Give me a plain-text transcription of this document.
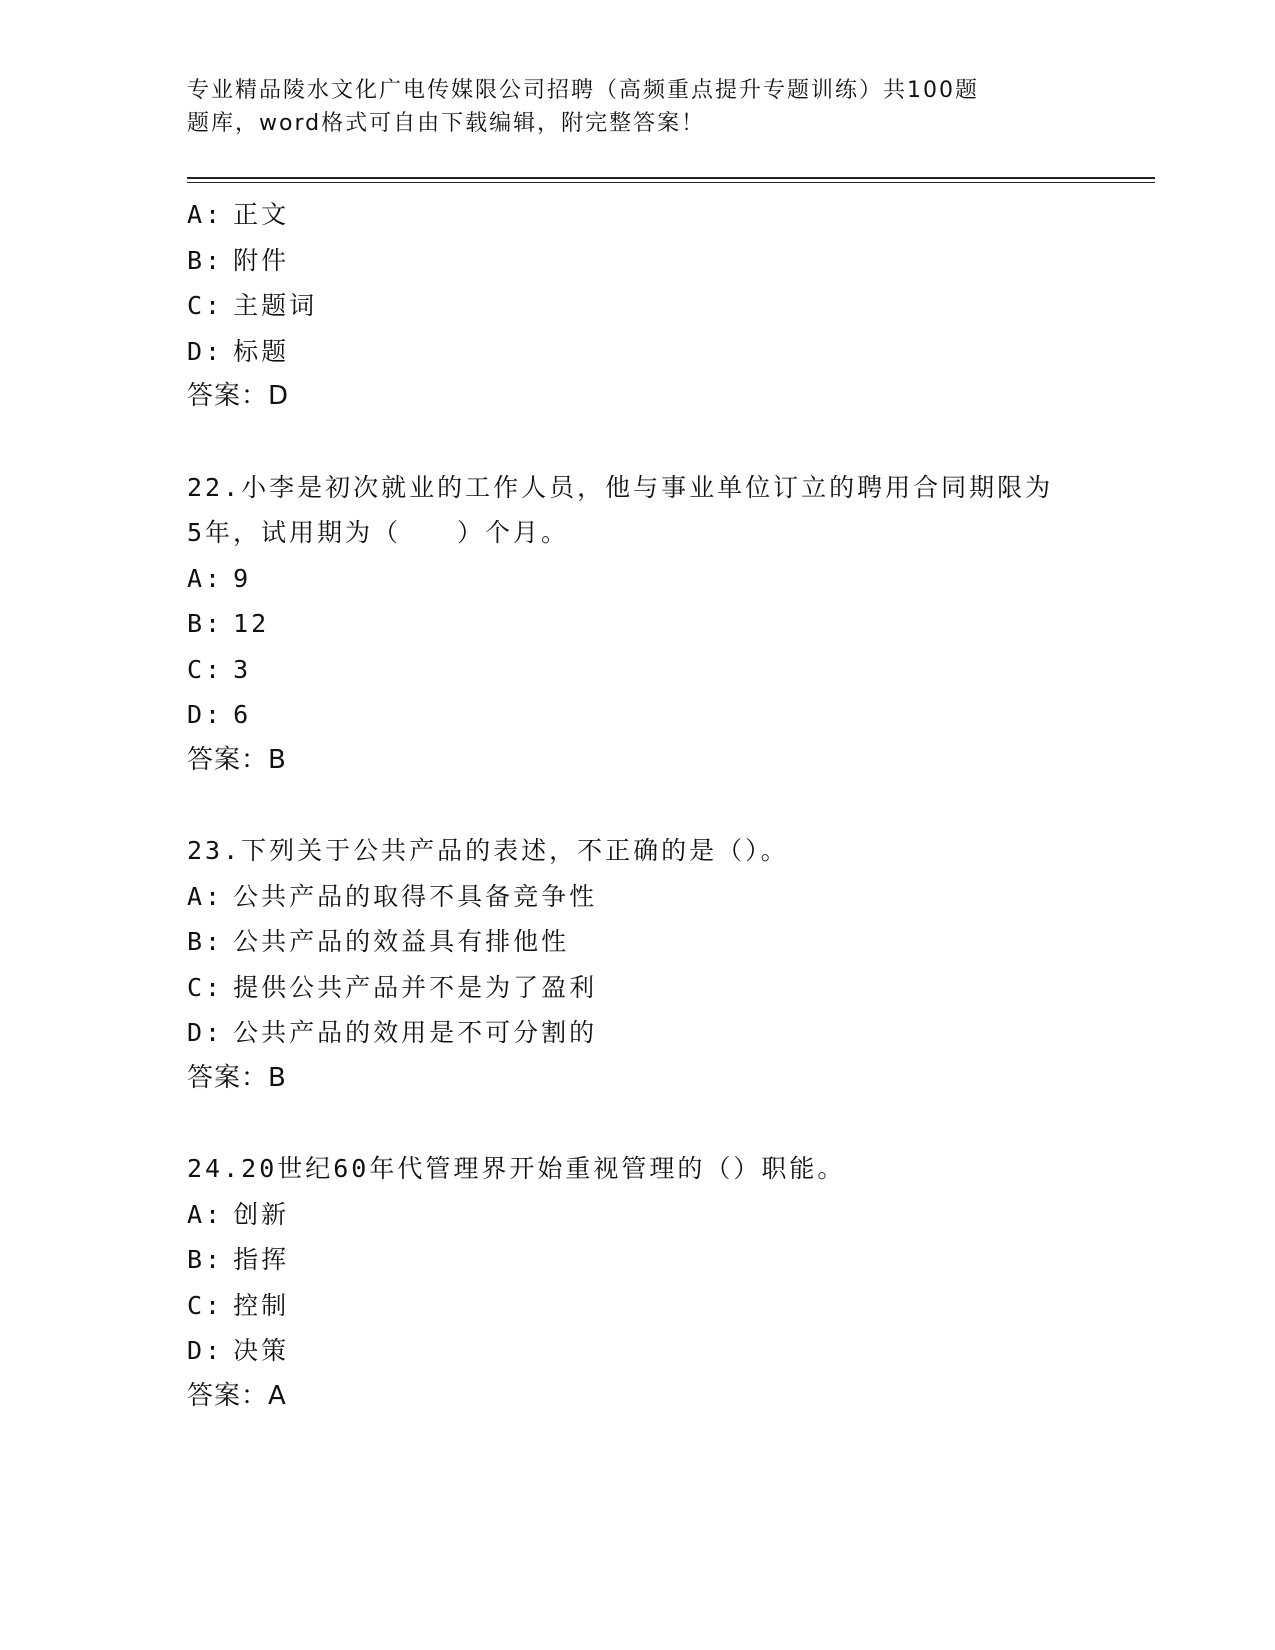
专业精品陵水文化广电传媒限公司招聘（高频重点提升专题训练）共100题
题库，word格式可自由下载编辑，附完整答案！
A: 正文
B: 附件
C: 主题词
D: 标题
答案：D
22.小李是初次就业的工作人员，他与事业单位订立的聘用合同期限为
5年，试用期为（　　）个月。
A: 9
B: 12
C: 3
D: 6
答案：B
23.下列关于公共产品的表述，不正确的是（）。
A: 公共产品的取得不具备竞争性
B: 公共产品的效益具有排他性
C: 提供公共产品并不是为了盈利
D: 公共产品的效用是不可分割的
答案：B
24.20世纪60年代管理界开始重视管理的（）职能。
A: 创新
B: 指挥
C: 控制
D: 决策
答案：A
